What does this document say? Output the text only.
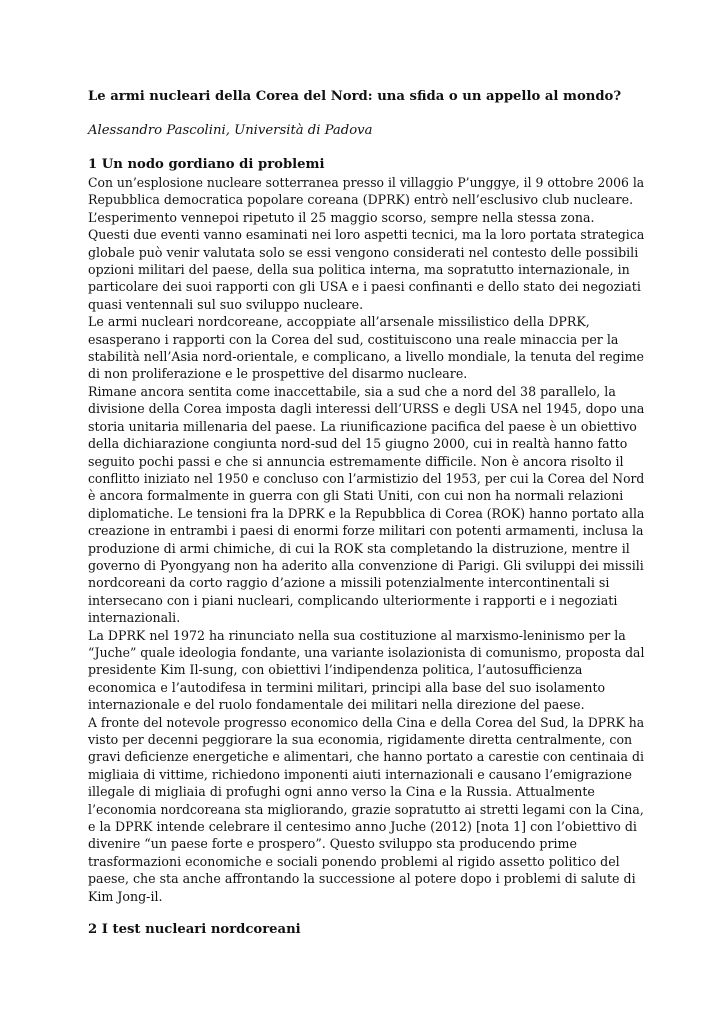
Le armi nucleari della Corea del Nord: una sfida o un appello al mondo?

Alessandro Pascolini, Università di Padova

1 Un nodo gordiano di problemi

Con un’esplosione nucleare sotterranea presso il villaggio P’unggye, il 9 ottobre 2006 la
Repubblica democratica popolare coreana (DPRK) entrò nell’esclusivo club nucleare.
L’esperimento vennepoi ripetuto il 25 maggio scorso, sempre nella stessa zona.
Questi due eventi vanno esaminati nei loro aspetti tecnici, ma la loro portata strategica
globale può venir valutata solo se essi vengono considerati nel contesto delle possibili
opzioni militari del paese, della sua politica interna, ma sopratutto internazionale, in
particolare dei suoi rapporti con gli USA e i paesi confinanti e dello stato dei negoziati
quasi ventennali sul suo sviluppo nucleare.
Le armi nucleari nordcoreane, accoppiate all’arsenale missilistico della DPRK,
esasperano i rapporti con la Corea del sud, costituiscono una reale minaccia per la
stabilità nell’Asia nord-orientale, e complicano, a livello mondiale, la tenuta del regime
di non proliferazione e le prospettive del disarmo nucleare.
Rimane ancora sentita come inaccettabile, sia a sud che a nord del 38 parallelo, la
divisione della Corea imposta dagli interessi dell’URSS e degli USA nel 1945, dopo una
storia unitaria millenaria del paese. La riunificazione pacifica del paese è un obiettivo
della dichiarazione congiunta nord-sud del 15 giugno 2000, cui in realtà hanno fatto
seguito pochi passi e che si annuncia estremamente difficile. Non è ancora risolto il
conflitto iniziato nel 1950 e concluso con l’armistizio del 1953, per cui la Corea del Nord
è ancora formalmente in guerra con gli Stati Uniti, con cui non ha normali relazioni
diplomatiche. Le tensioni fra la DPRK e la Repubblica di Corea (ROK) hanno portato alla
creazione in entrambi i paesi di enormi forze militari con potenti armamenti, inclusa la
produzione di armi chimiche, di cui la ROK sta completando la distruzione, mentre il
governo di Pyongyang non ha aderito alla convenzione di Parigi. Gli sviluppi dei missili
nordcoreani da corto raggio d’azione a missili potenzialmente intercontinentali si
intersecano con i piani nucleari, complicando ulteriormente i rapporti e i negoziati
internazionali.
La DPRK nel 1972 ha rinunciato nella sua costituzione al marxismo-leninismo per la
“Juche” quale ideologia fondante, una variante isolazionista di comunismo, proposta dal
presidente Kim Il-sung, con obiettivi l’indipendenza politica, l’autosufficienza
economica e l’autodifesa in termini militari, principi alla base del suo isolamento
internazionale e del ruolo fondamentale dei militari nella direzione del paese.
A fronte del notevole progresso economico della Cina e della Corea del Sud, la DPRK ha
visto per decenni peggiorare la sua economia, rigidamente diretta centralmente, con
gravi deficienze energetiche e alimentari, che hanno portato a carestie con centinaia di
migliaia di vittime, richiedono imponenti aiuti internazionali e causano l’emigrazione
illegale di migliaia di profughi ogni anno verso la Cina e la Russia. Attualmente
l’economia nordcoreana sta migliorando, grazie sopratutto ai stretti legami con la Cina,
e la DPRK intende celebrare il centesimo anno Juche (2012) [nota 1] con l’obiettivo di
divenire “un paese forte e prospero”. Questo sviluppo sta producendo prime
trasformazioni economiche e sociali ponendo problemi al rigido assetto politico del
paese, che sta anche affrontando la successione al potere dopo i problemi di salute di
Kim Jong-il.

2 I test nucleari nordcoreani
